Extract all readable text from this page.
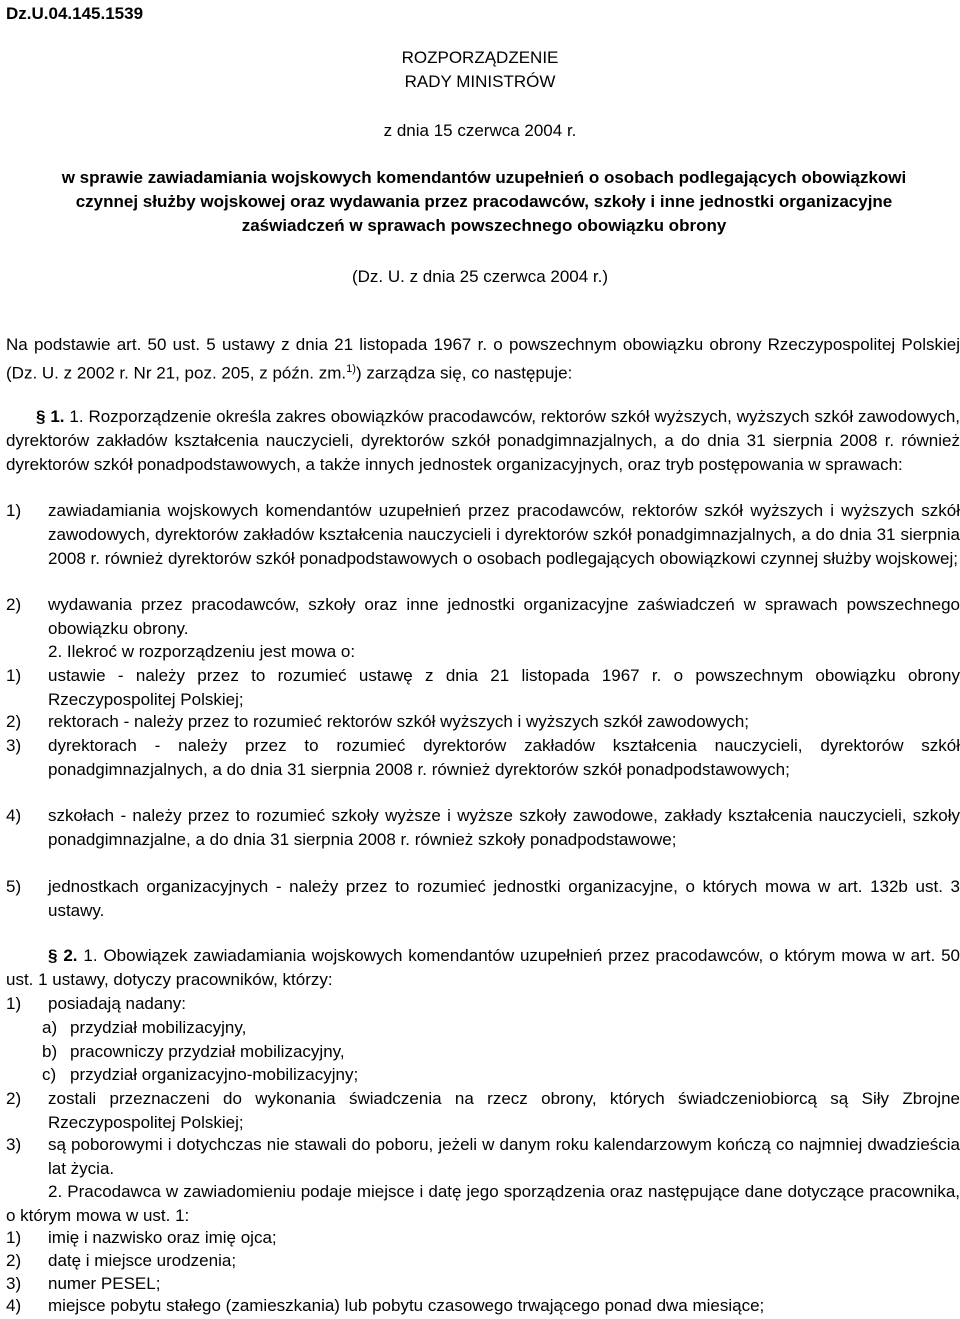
Dz.U.04.145.1539
ROZPORZĄDZENIE
RADY MINISTRÓW
z dnia 15 czerwca 2004 r.
w sprawie zawiadamiania wojskowych komendantów uzupełnień o osobach podlegających obowiązkowi czynnej służby wojskowej oraz wydawania przez pracodawców, szkoły i inne jednostki organizacyjne zaświadczeń w sprawach powszechnego obowiązku obrony
(Dz. U. z dnia 25 czerwca 2004 r.)
Na podstawie art. 50 ust. 5 ustawy z dnia 21 listopada 1967 r. o powszechnym obowiązku obrony Rzeczypospolitej Polskiej (Dz. U. z 2002 r. Nr 21, poz. 205, z późn. zm.$^{1)}$) zarządza się, co następuje:
§ 1. 1. Rozporządzenie określa zakres obowiązków pracodawców, rektorów szkół wyższych, wyższych szkół zawodowych, dyrektorów zakładów kształcenia nauczycieli, dyrektorów szkół ponadgimnazjalnych, a do dnia 31 sierpnia 2008 r. również dyrektorów szkół ponadpodstawowych, a także innych jednostek organizacyjnych, oraz tryb postępowania w sprawach:
1)	zawiadamiania wojskowych komendantów uzupełnień przez pracodawców, rektorów szkół wyższych i wyższych szkół zawodowych, dyrektorów zakładów kształcenia nauczycieli i dyrektorów szkół ponadgimnazjalnych, a do dnia 31 sierpnia 2008 r. również dyrektorów szkół ponadpodstawowych o osobach podlegających obowiązkowi czynnej służby wojskowej;
2)	wydawania przez pracodawców, szkoły oraz inne jednostki organizacyjne zaświadczeń w sprawach powszechnego obowiązku obrony.
2. Ilekroć w rozporządzeniu jest mowa o:
1)	ustawie - należy przez to rozumieć ustawę z dnia 21 listopada 1967 r. o powszechnym obowiązku obrony Rzeczypospolitej Polskiej;
2)	rektorach - należy przez to rozumieć rektorów szkół wyższych i wyższych szkół zawodowych;
3)	dyrektorach - należy przez to rozumieć dyrektorów zakładów kształcenia nauczycieli, dyrektorów szkół ponadgimnazjalnych, a do dnia 31 sierpnia 2008 r. również dyrektorów szkół ponadpodstawowych;
4)	szkołach - należy przez to rozumieć szkoły wyższe i wyższe szkoły zawodowe, zakłady kształcenia nauczycieli, szkoły ponadgimnazjalne, a do dnia 31 sierpnia 2008 r. również szkoły ponadpodstawowe;
5)	jednostkach organizacyjnych - należy przez to rozumieć jednostki organizacyjne, o których mowa w art. 132b ust. 3 ustawy.
§ 2. 1. Obowiązek zawiadamiania wojskowych komendantów uzupełnień przez pracodawców, o którym mowa w art. 50 ust. 1 ustawy, dotyczy pracowników, którzy:
1)	posiadają nadany:
a) przydział mobilizacyjny,
b) pracowniczy przydział mobilizacyjny,
c) przydział organizacyjno-mobilizacyjny;
2)	zostali przeznaczeni do wykonania świadczenia na rzecz obrony, których świadczeniobiorcą są Siły Zbrojne Rzeczypospolitej Polskiej;
3)	są poborowymi i dotychczas nie stawali do poboru, jeżeli w danym roku kalendarzowym kończą co najmniej dwadzieścia lat życia.
2. Pracodawca w zawiadomieniu podaje miejsce i datę jego sporządzenia oraz następujące dane dotyczące pracownika, o którym mowa w ust. 1:
1)	imię i nazwisko oraz imię ojca;
2)	datę i miejsce urodzenia;
3)	numer PESEL;
4)	miejsce pobytu stałego (zamieszkania) lub pobytu czasowego trwającego ponad dwa miesiące;
